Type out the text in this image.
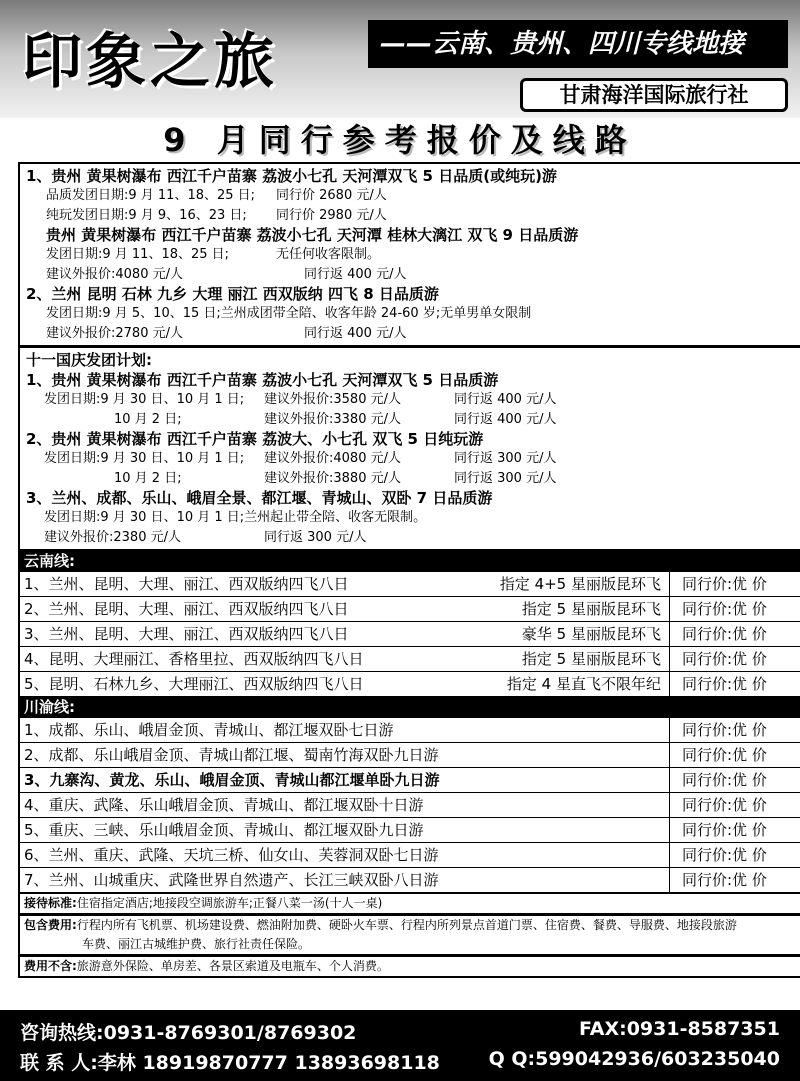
印象之旅	——云南、贵州、四川专线地接
甘肃海洋国际旅行社
9 月同行参考报价及线路
1、贵州 黄果树瀑布 西江千户苗寨 荔波小七孔 天河潭双飞 5 日品质(或纯玩)游
品质发团日期:9 月 11、18、25 日; 同行价 2680 元/人
纯玩发团日期:9 月 9、16、23 日; 同行价 2980 元/人
贵州 黄果树瀑布 西江千户苗寨 荔波小七孔 天河潭 桂林大漓江 双飞 9 日品质游
发团日期:9 月 11、18、25 日;	无任何收客限制。
建议外报价:4080 元/人	同行返 400 元/人
2、兰州 昆明 石林 九乡 大理 丽江 西双版纳 四飞 8 日品质游
发团日期:9 月 5、10、15 日;兰州成团带全陪、收客年龄 24-60 岁;无单男单女限制
建议外报价:2780 元/人	同行返 400 元/人
十一国庆发团计划:
1、贵州 黄果树瀑布 西江千户苗寨 荔波小七孔 天河潭双飞 5 日品质游
发团日期:9 月 30 日、10 月 1 日; 建议外报价:3580 元/人	同行返 400 元/人
10 月 2 日;	建议外报价:3380 元/人	同行返 400 元/人
2、贵州 黄果树瀑布 西江千户苗寨 荔波大、小七孔 双飞 5 日纯玩游
发团日期:9 月 30 日、10 月 1 日; 建议外报价:4080 元/人	同行返 300 元/人
10 月 2 日;	建议外报价:3880 元/人	同行返 300 元/人
3、兰州、成都、乐山、峨眉全景、都江堰、青城山、双卧 7 日品质游
发团日期:9 月 30 日、10 月 1 日;兰州起止带全陪、收客无限制。
建议外报价:2380 元/人	同行返 300 元/人
云南线:
1、兰州、昆明、大理、丽江、西双版纳四飞八日	指定 4+5 星丽版昆环飞	同行价:优 价
2、兰州、昆明、大理、丽江、西双版纳四飞八日	指定 5 星丽版昆环飞	同行价:优 价
3、兰州、昆明、大理、丽江、西双版纳四飞八日	豪华 5 星丽版昆环飞	同行价:优 价
4、昆明、大理丽江、香格里拉、西双版纳四飞八日	指定 5 星丽版昆环飞	同行价:优 价
5、昆明、石林九乡、大理丽江、西双版纳四飞八日	指定 4 星直飞不限年纪	同行价:优 价
川渝线:
1、成都、乐山、峨眉金顶、青城山、都江堰双卧七日游	同行价:优 价
2、成都、乐山峨眉金顶、青城山都江堰、蜀南竹海双卧九日游	同行价:优 价
3、九寨沟、黄龙、乐山、峨眉金顶、青城山都江堰单卧九日游	同行价:优 价
4、重庆、武隆、乐山峨眉金顶、青城山、都江堰双卧十日游	同行价:优 价
5、重庆、三峡、乐山峨眉金顶、青城山、都江堰双卧九日游	同行价:优 价
6、兰州、重庆、武隆、天坑三桥、仙女山、芙蓉洞双卧七日游	同行价:优 价
7、兰州、山城重庆、武隆世界自然遗产、长江三峡双卧八日游	同行价:优 价
接待标准:住宿指定酒店;地接段空调旅游车;正餐八菜一汤(十人一桌)
包含费用:行程内所有飞机票、机场建设费、燃油附加费、硬卧火车票、行程内所列景点首道门票、住宿费、餐费、导服费、地接段旅游
车费、丽江古城维护费、旅行社责任保险。
费用不含:旅游意外保险、单房差、各景区索道及电瓶车、个人消费。
咨询热线:0931-8769301/8769302	FAX:0931-8587351
联 系 人:李林 18919870777 13893698118	Q Q:599042936/603235040
